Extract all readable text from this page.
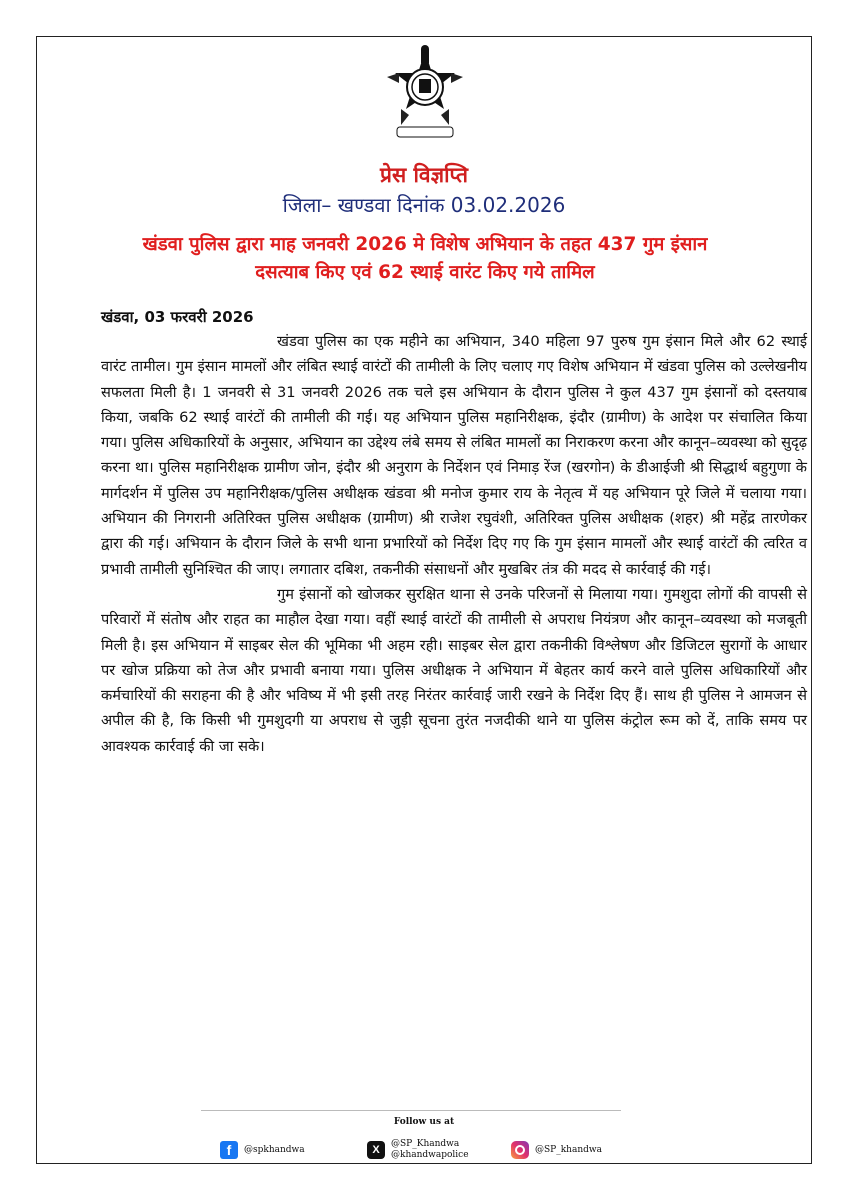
प्रेस विज्ञप्ति
जिला– खण्डवा दिनांक 03.02.2026
खंडवा पुलिस द्वारा माह जनवरी 2026 मे विशेष अभियान के तहत 437 गुम इंसान
दसत्याब किए एवं 62 स्थाई वारंट किए गये तामिल
खंडवा, 03 फरवरी 2026

खंडवा पुलिस का एक महीने का अभियान, 340 महिला 97 पुरुष गुम इंसान मिले और 62 स्थाई वारंट तामील। गुम इंसान मामलों और लंबित स्थाई वारंटों की तामीली के लिए चलाए गए विशेष अभियान में खंडवा पुलिस को उल्लेखनीय सफलता मिली है। 1 जनवरी से 31 जनवरी 2026 तक चले इस अभियान के दौरान पुलिस ने कुल 437 गुम इंसानों को दस्तयाब किया, जबकि 62 स्थाई वारंटों की तामीली की गई। यह अभियान पुलिस महानिरीक्षक, इंदौर (ग्रामीण) के आदेश पर संचालित किया गया। पुलिस अधिकारियों के अनुसार, अभियान का उद्देश्य लंबे समय से लंबित मामलों का निराकरण करना और कानून–व्यवस्था को सुदृढ़ करना था। पुलिस महानिरीक्षक ग्रामीण जोन, इंदौर श्री अनुराग के निर्देशन एवं निमाड़ रेंज (खरगोन) के डीआईजी श्री सिद्धार्थ बहुगुणा के मार्गदर्शन में पुलिस उप महानिरीक्षक/पुलिस अधीक्षक खंडवा श्री मनोज कुमार राय के नेतृत्व में यह अभियान पूरे जिले में चलाया गया। अभियान की निगरानी अतिरिक्त पुलिस अधीक्षक (ग्रामीण) श्री राजेश रघुवंशी, अतिरिक्त पुलिस अधीक्षक (शहर) श्री महेंद्र तारणेकर द्वारा की गई। अभियान के दौरान जिले के सभी थाना प्रभारियों को निर्देश दिए गए कि गुम इंसान मामलों और स्थाई वारंटों की त्वरित व प्रभावी तामीली सुनिश्चित की जाए। लगातार दबिश, तकनीकी संसाधनों और मुखबिर तंत्र की मदद से कार्रवाई की गई।

गुम इंसानों को खोजकर सुरक्षित थाना से उनके परिजनों से मिलाया गया। गुमशुदा लोगों की वापसी से परिवारों में संतोष और राहत का माहौल देखा गया। वहीं स्थाई वारंटों की तामीली से अपराध नियंत्रण और कानून–व्यवस्था को मजबूती मिली है। इस अभियान में साइबर सेल की भूमिका भी अहम रही। साइबर सेल द्वारा तकनीकी विश्लेषण और डिजिटल सुरागों के आधार पर खोज प्रक्रिया को तेज और प्रभावी बनाया गया। पुलिस अधीक्षक ने अभियान में बेहतर कार्य करने वाले पुलिस अधिकारियों और कर्मचारियों की सराहना की है और भविष्य में भी इसी तरह निरंतर कार्रवाई जारी रखने के निर्देश दिए हैं। साथ ही पुलिस ने आमजन से अपील की है, कि किसी भी गुमशुदगी या अपराध से जुड़ी सूचना तुरंत नजदीकी थाने या पुलिस कंट्रोल रूम को दें, ताकि समय पर आवश्यक कार्रवाई की जा सके।

Follow us at
f	@spkhandwa	X	@SP_Khandwa
@khandwapolice	@SP_khandwa
